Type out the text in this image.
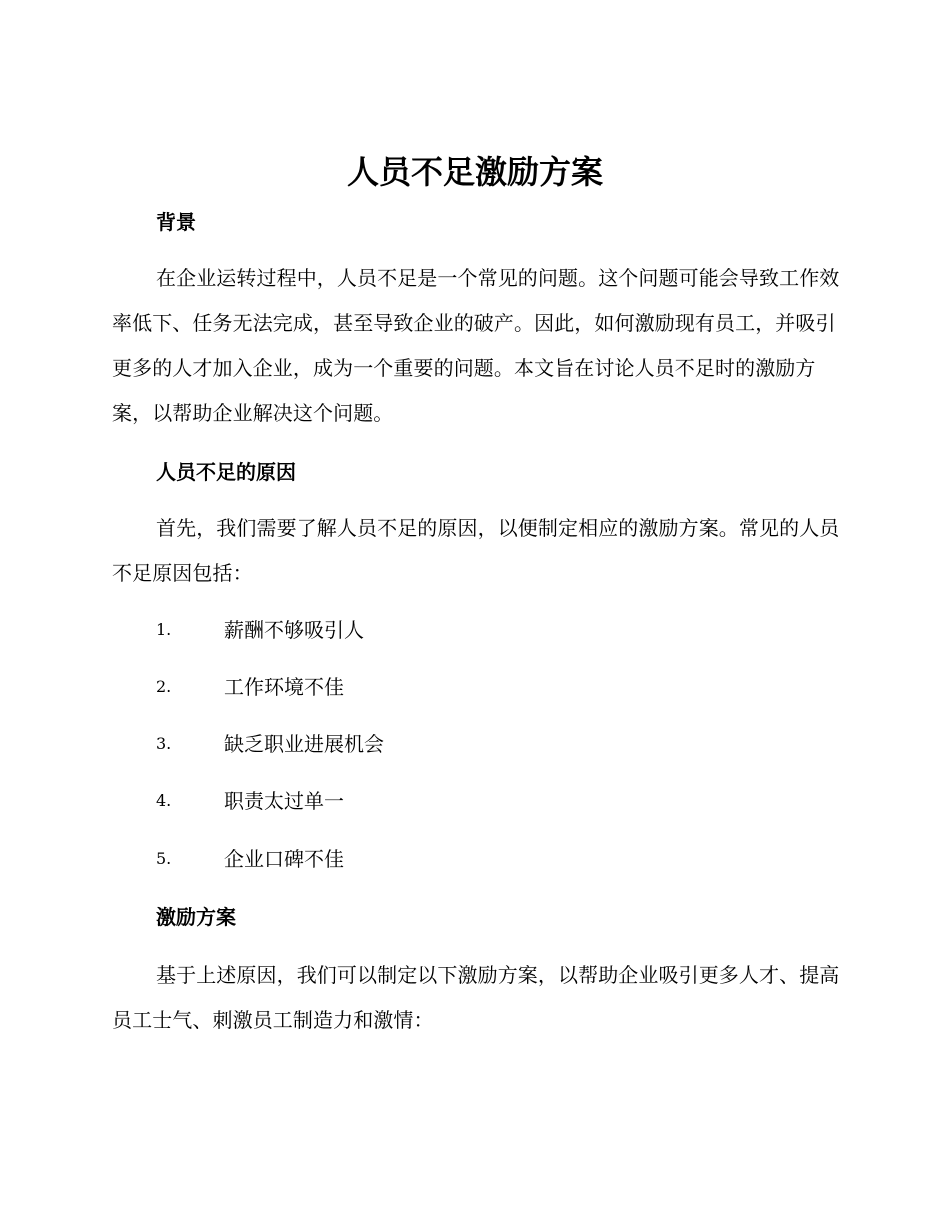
人员不足激励方案
背景

在企业运转过程中，人员不足是一个常见的问题。这个问题可能会导致工作效率低下、任务无法完成，甚至导致企业的破产。因此，如何激励现有员工，并吸引更多的人才加入企业，成为一个重要的问题。本文旨在讨论人员不足时的激励方案，以帮助企业解决这个问题。

人员不足的原因

首先，我们需要了解人员不足的原因，以便制定相应的激励方案。常见的人员不足原因包括：

1.	薪酬不够吸引人
2.	工作环境不佳
3.	缺乏职业进展机会
4.	职责太过单一
5.	企业口碑不佳
激励方案

基于上述原因，我们可以制定以下激励方案，以帮助企业吸引更多人才、提高员工士气、刺激员工制造力和激情：
